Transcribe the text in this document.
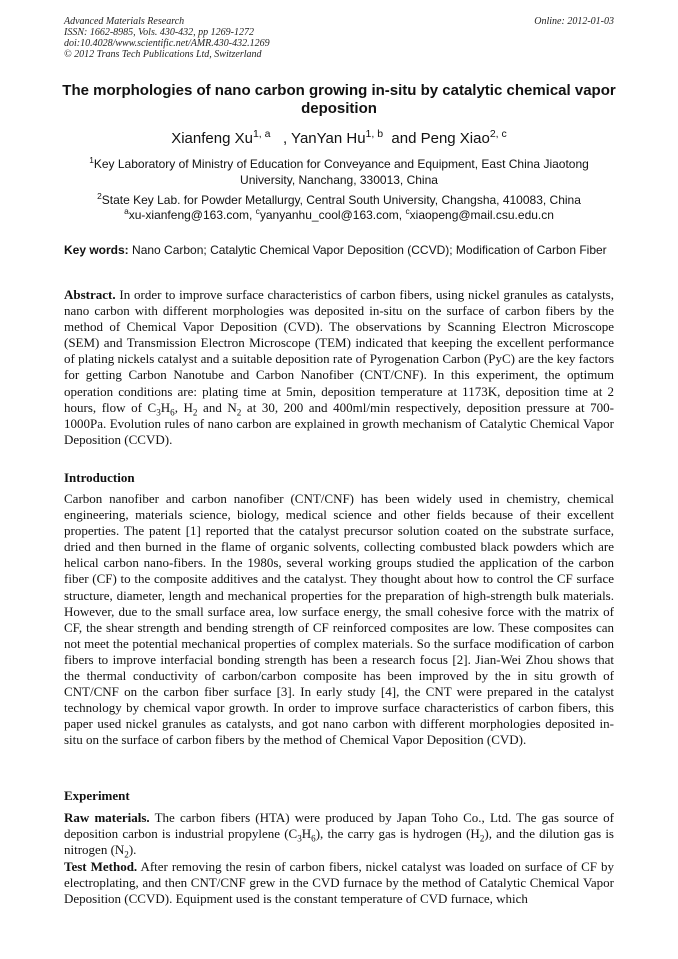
Advanced Materials Research
ISSN: 1662-8985, Vols. 430-432, pp 1269-1272
doi:10.4028/www.scientific.net/AMR.430-432.1269
© 2012 Trans Tech Publications Ltd, Switzerland
Online: 2012-01-03
The morphologies of nano carbon growing in-situ by catalytic chemical vapor deposition
Xianfeng Xu$^{1, a}$   , YanYan Hu$^{1, b}$  and Peng Xiao$^{2, c}$
$^1$Key Laboratory of Ministry of Education for Conveyance and Equipment, East China Jiaotong University, Nanchang, 330013, China
$^2$State Key Lab. for Powder Metallurgy, Central South University, Changsha, 410083, China
$^a$xu-xianfeng@163.com, $^c$yanyanhu_cool@163.com, $^c$xiaopeng@mail.csu.edu.cn
Key words: Nano Carbon; Catalytic Chemical Vapor Deposition (CCVD); Modification of Carbon Fiber
Abstract. In order to improve surface characteristics of carbon fibers, using nickel granules as catalysts, nano carbon with different morphologies was deposited in-situ on the surface of carbon fibers by the method of Chemical Vapor Deposition (CVD). The observations by Scanning Electron Microscope (SEM) and Transmission Electron Microscope (TEM) indicated that keeping the excellent performance of plating nickels catalyst and a suitable deposition rate of Pyrogenation Carbon (PyC) are the key factors for getting Carbon Nanotube and Carbon Nanofiber (CNT/CNF). In this experiment, the optimum operation conditions are: plating time at 5min, deposition temperature at 1173K, deposition time at 2 hours, flow of $C_3H_6$, $H_2$ and $N_2$ at 30, 200 and 400ml/min respectively, deposition pressure at 700-1000Pa. Evolution rules of nano carbon are explained in growth mechanism of Catalytic Chemical Vapor Deposition (CCVD).
Introduction
Carbon nanofiber and carbon nanofiber (CNT/CNF) has been widely used in chemistry, chemical engineering, materials science, biology, medical science and other fields because of their excellent properties. The patent [1] reported that the catalyst precursor solution coated on the substrate surface, dried and then burned in the flame of organic solvents, collecting combusted black powders which are helical carbon nano-fibers. In the 1980s, several working groups studied the application of the carbon fiber (CF) to the composite additives and the catalyst. They thought about how to control the CF surface structure, diameter, length and mechanical properties for the preparation of high-strength bulk materials. However, due to the small surface area, low surface energy, the small cohesive force with the matrix of CF, the shear strength and bending strength of CF reinforced composites are low. These composites can not meet the potential mechanical properties of complex materials. So the surface modification of carbon fibers to improve interfacial bonding strength has been a research focus [2]. Jian-Wei Zhou shows that the thermal conductivity of carbon/carbon composite has been improved by the in situ growth of CNT/CNF on the carbon fiber surface [3]. In early study [4], the CNT were prepared in the catalyst technology by chemical vapor growth. In order to improve surface characteristics of carbon fibers, this paper used nickel granules as catalysts, and got nano carbon with different morphologies deposited in-situ on the surface of carbon fibers by the method of Chemical Vapor Deposition (CVD).
Experiment
Raw materials. The carbon fibers (HTA) were produced by Japan Toho Co., Ltd. The gas source of deposition carbon is industrial propylene $(C_3H_6)$, the carry gas is hydrogen $(H_2)$, and the dilution gas is nitrogen $(N_2)$.
Test Method. After removing the resin of carbon fibers, nickel catalyst was loaded on surface of CF by electroplating, and then CNT/CNF grew in the CVD furnace by the method of Catalytic Chemical Vapor Deposition (CCVD). Equipment used is the constant temperature of CVD furnace, which
